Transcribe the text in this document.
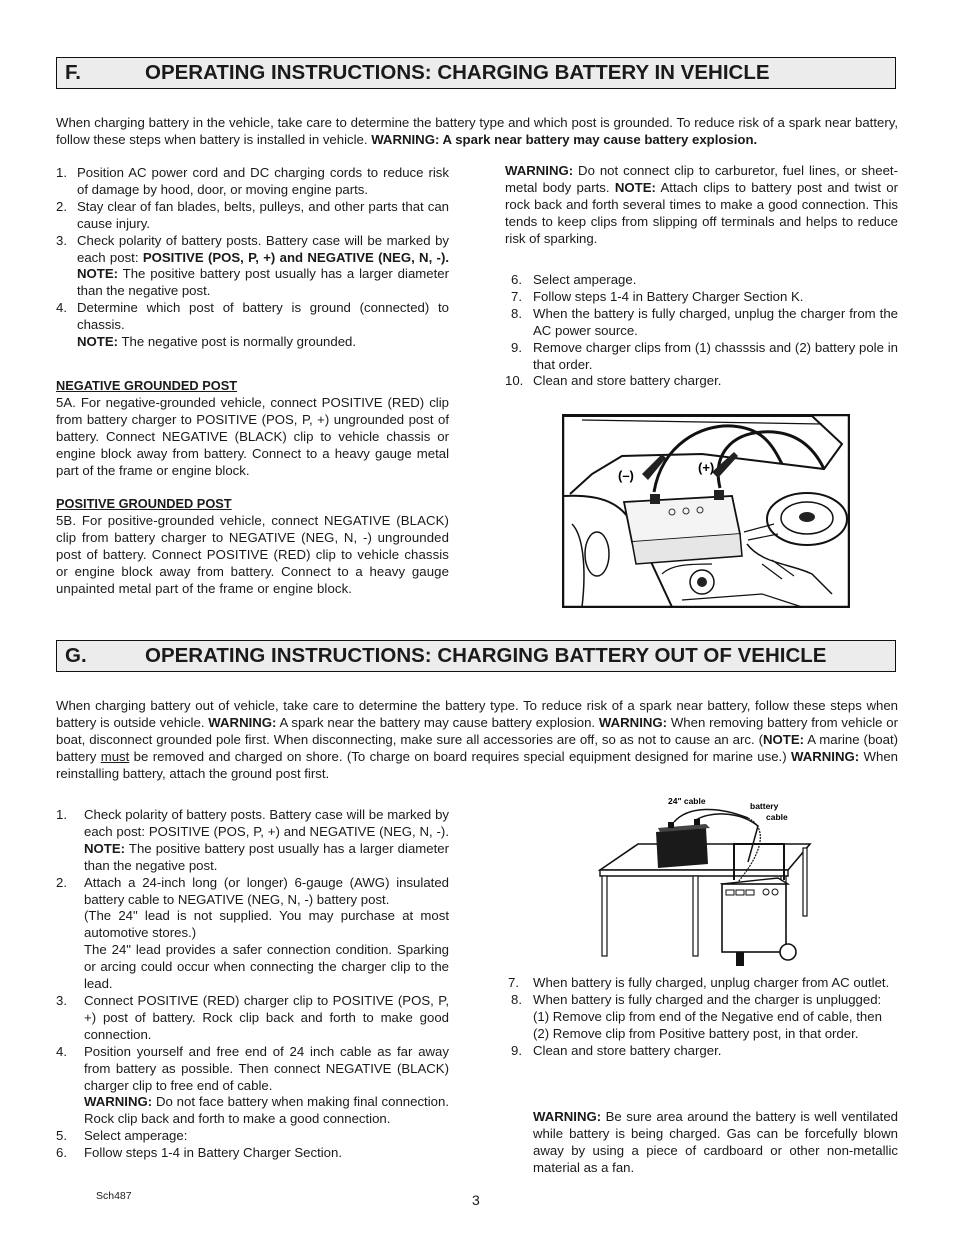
F.	OPERATING INSTRUCTIONS: CHARGING BATTERY IN VEHICLE
When charging battery in the vehicle, take care to determine the battery type and which post is grounded. To reduce risk of a spark near battery, follow these steps when battery is installed in vehicle. WARNING: A spark near battery may cause battery explosion.
1. Position AC power cord and DC charging cords to reduce risk of damage by hood, door, or moving engine parts.
2. Stay clear of fan blades, belts, pulleys, and other parts that can cause injury.
3. Check polarity of battery posts. Battery case will be marked by each post: POSITIVE (POS, P, +) and NEGATIVE (NEG, N, -). NOTE: The positive battery post usually has a larger diameter than the negative post.
4. Determine which post of battery is ground (connected) to chassis.
NOTE: The negative post is normally grounded.
NEGATIVE GROUNDED POST
5A. For negative-grounded vehicle, connect POSITIVE (RED) clip from battery charger to POSITIVE (POS, P, +) ungrounded post of battery. Connect NEGATIVE (BLACK) clip to vehicle chassis or engine block away from battery. Connect to a heavy gauge metal part of the frame or engine block.
POSITIVE GROUNDED POST
5B. For positive-grounded vehicle, connect NEGATIVE (BLACK) clip from battery charger to NEGATIVE (NEG, N, -) ungrounded post of battery. Connect POSITIVE (RED) clip to vehicle chassis or engine block away from battery. Connect to a heavy gauge unpainted metal part of the frame or engine block.
WARNING: Do not connect clip to carburetor, fuel lines, or sheet-metal body parts. NOTE: Attach clips to battery post and twist or rock back and forth several times to make a good connection. This tends to keep clips from slipping off terminals and helps to reduce risk of sparking.
6. Select amperage.
7. Follow steps 1-4 in Battery Charger Section K.
8. When the battery is fully charged, unplug the charger from the AC power source.
9. Remove charger clips from (1) chasssis and (2) battery pole in that order.
10. Clean and store battery charger.
(–)
(+)
G.	OPERATING INSTRUCTIONS: CHARGING BATTERY OUT OF VEHICLE
When charging battery out of vehicle, take care to determine the battery type. To reduce risk of a spark near battery, follow these steps when battery is outside vehicle. WARNING: A spark near the battery may cause battery explosion. WARNING: When removing battery from vehicle or boat, disconnect grounded pole first. When disconnecting, make sure all accessories are off, so as not to cause an arc. (NOTE: A marine (boat) battery must be removed and charged on shore. (To charge on board requires special equipment designed for marine use.) WARNING: When reinstalling battery, attach the ground post first.
1. Check polarity of battery posts. Battery case will be marked by each post: POSITIVE (POS, P, +) and NEGATIVE (NEG, N, -). NOTE: The positive battery post usually has a larger diameter than the negative post.
2. Attach a 24-inch long (or longer) 6-gauge (AWG) insulated battery cable to NEGATIVE (NEG, N, -) battery post.
(The 24" lead is not supplied. You may purchase at most automotive stores.)
The 24" lead provides a safer connection condition. Sparking or arcing could occur when connecting the charger clip to the lead.
3. Connect POSITIVE (RED) charger clip to POSITIVE (POS, P, +) post of battery. Rock clip back and forth to make good connection.
4. Position yourself and free end of 24 inch cable as far away from battery as possible. Then connect NEGATIVE (BLACK) charger clip to free end of cable.
WARNING: Do not face battery when making final connection. Rock clip back and forth to make a good connection.
5. Select amperage:
6. Follow steps 1-4 in Battery Charger Section.
24" cable	battery
cable
7. When battery is fully charged, unplug charger from AC outlet.
8. When battery is fully charged and the charger is unplugged:
(1) Remove clip from end of the Negative end of cable, then
(2) Remove clip from Positive battery post, in that order.
9. Clean and store battery charger.
WARNING: Be sure area around the battery is well ventilated while battery is being charged. Gas can be forcefully blown away by using a piece of cardboard or other non-metallic material as a fan.
Sch487	3
